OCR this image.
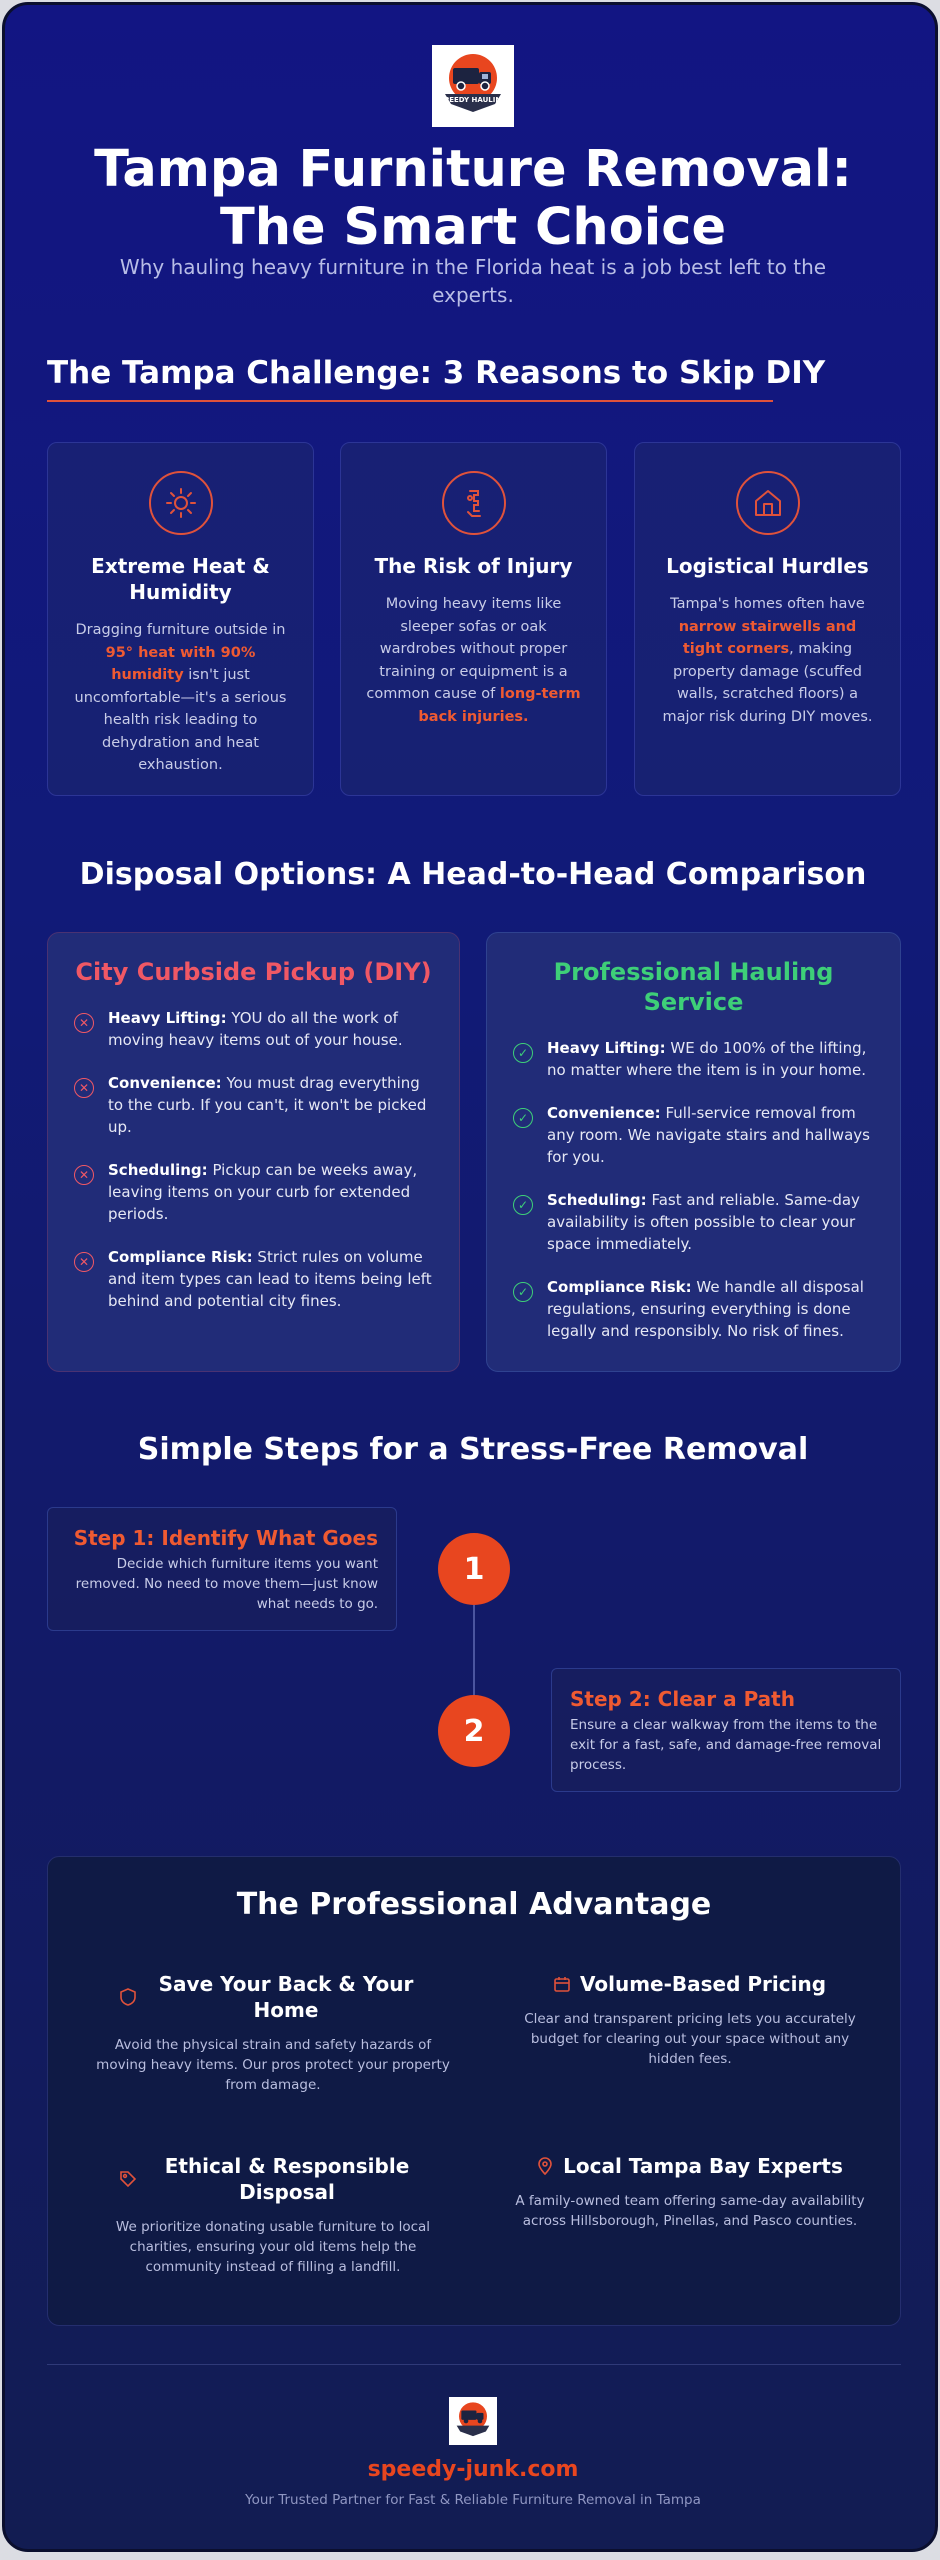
SPEEDY HAULING
Tampa Furniture Removal: The Smart Choice
Why hauling heavy furniture in the Florida heat is a job best left to the experts.
The Tampa Challenge: 3 Reasons to Skip DIY
Extreme Heat & Humidity
Dragging furniture outside in 95° heat with 90% humidity isn't just uncomfortable—it's a serious health risk leading to dehydration and heat exhaustion.
The Risk of Injury
Moving heavy items like sleeper sofas or oak wardrobes without proper training or equipment is a common cause of long-term back injuries.
Logistical Hurdles
Tampa's homes often have narrow stairwells and tight corners, making property damage (scuffed walls, scratched floors) a major risk during DIY moves.
Disposal Options: A Head-to-Head Comparison
City Curbside Pickup (DIY)
✕	Heavy Lifting: YOU do all the work of moving heavy items out of your house.
✕	Convenience: You must drag everything to the curb. If you can't, it won't be picked up.
✕	Scheduling: Pickup can be weeks away, leaving items on your curb for extended periods.
✕	Compliance Risk: Strict rules on volume and item types can lead to items being left behind and potential city fines.
Professional Hauling Service
✓	Heavy Lifting: WE do 100% of the lifting, no matter where the item is in your home.
✓	Convenience: Full-service removal from any room. We navigate stairs and hallways for you.
✓	Scheduling: Fast and reliable. Same-day availability is often possible to clear your space immediately.
✓	Compliance Risk: We handle all disposal regulations, ensuring everything is done legally and responsibly. No risk of fines.
Simple Steps for a Stress-Free Removal
Step 1: Identify What Goes
Decide which furniture items you want removed. No need to move them—just know what needs to go.
1
2
Step 2: Clear a Path
Ensure a clear walkway from the items to the exit for a fast, safe, and damage-free removal process.
The Professional Advantage
Save Your Back & Your Home
Avoid the physical strain and safety hazards of moving heavy items. Our pros protect your property from damage.
Volume-Based Pricing
Clear and transparent pricing lets you accurately budget for clearing out your space without any hidden fees.
Ethical & Responsible Disposal
We prioritize donating usable furniture to local charities, ensuring your old items help the community instead of filling a landfill.
Local Tampa Bay Experts
A family-owned team offering same-day availability across Hillsborough, Pinellas, and Pasco counties.
speedy-junk.com
Your Trusted Partner for Fast & Reliable Furniture Removal in Tampa
